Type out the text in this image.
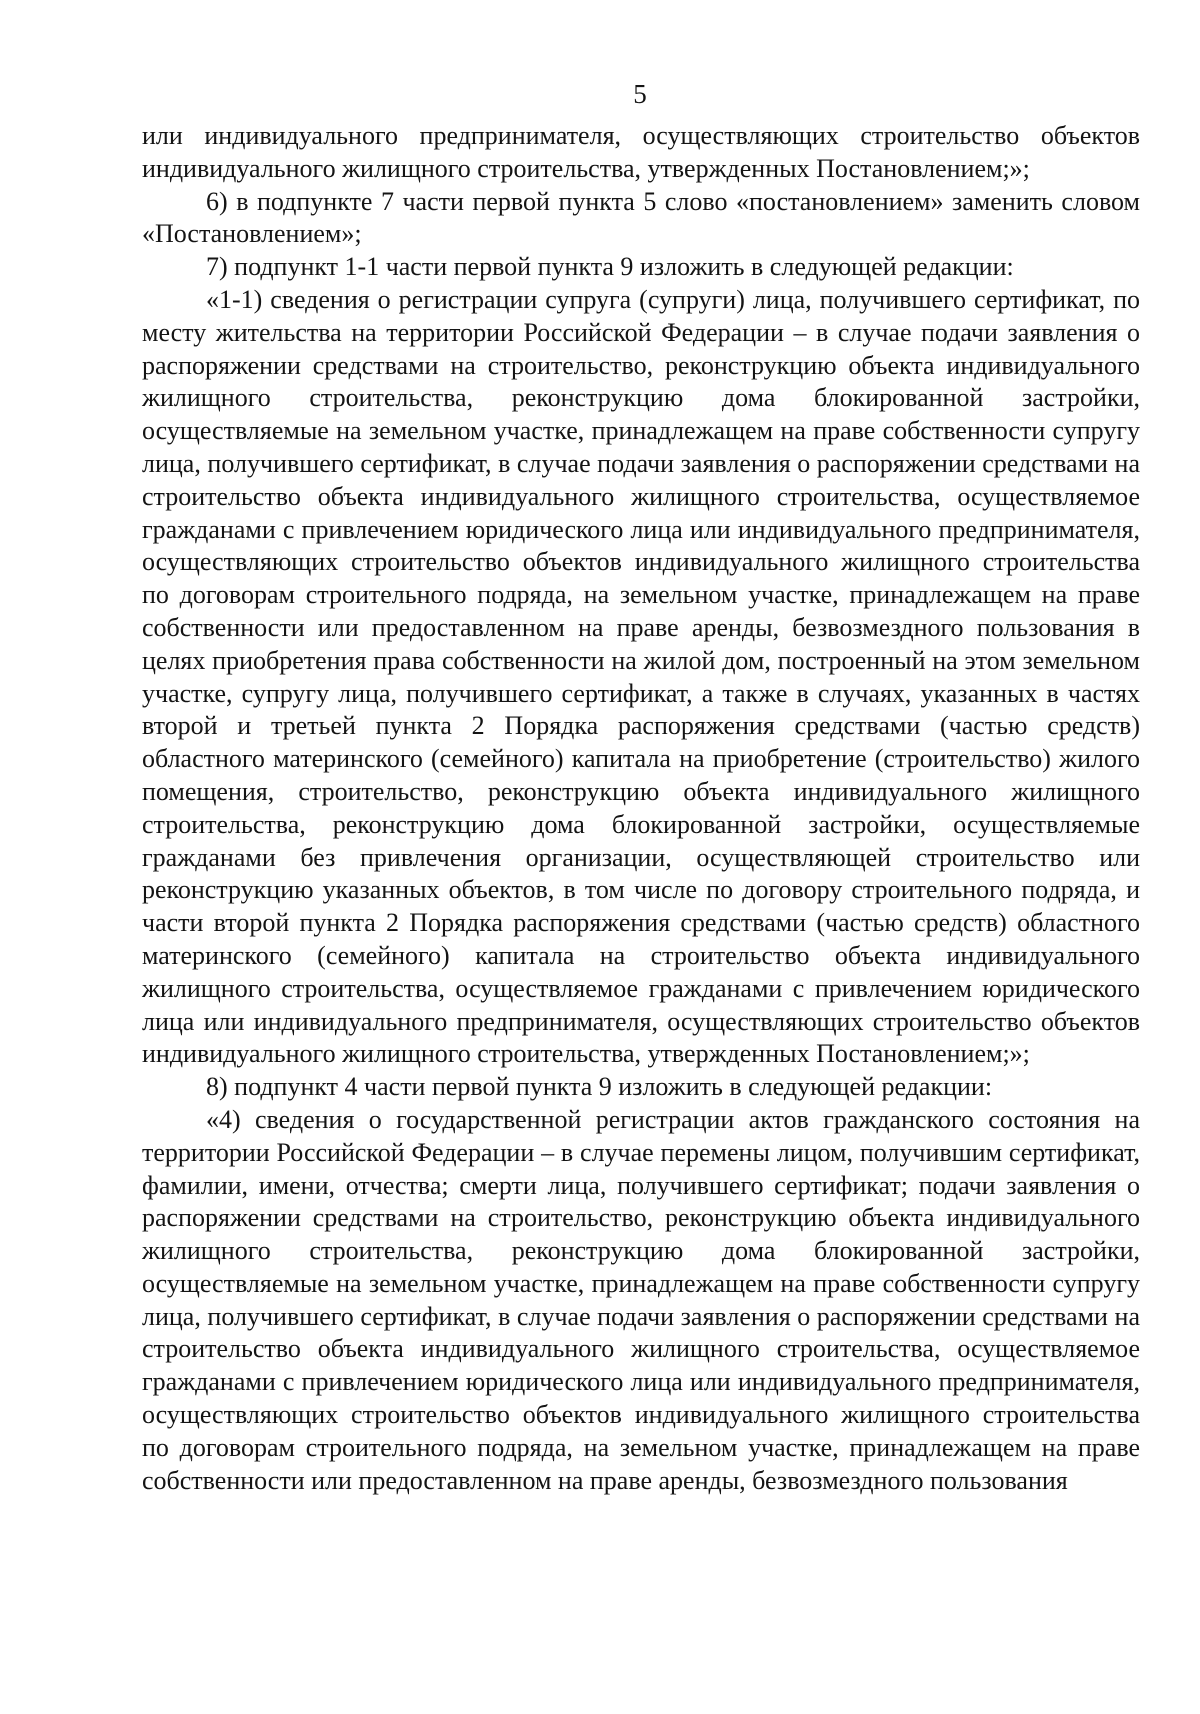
5

или индивидуального предпринимателя, осуществляющих строительство объектов индивидуального жилищного строительства, утвержденных Постановлением;»;

6) в подпункте 7 части первой пункта 5 слово «постановлением» заменить словом «Постановлением»;

7) подпункт 1-1 части первой пункта 9 изложить в следующей редакции:

«1-1) сведения о регистрации супруга (супруги) лица, получившего сертификат, по месту жительства на территории Российской Федерации – в случае подачи заявления о распоряжении средствами на строительство, реконструкцию объекта индивидуального жилищного строительства, реконструкцию дома блокированной застройки, осуществляемые на земельном участке, принадлежащем на праве собственности супругу лица, получившего сертификат, в случае подачи заявления о распоряжении средствами на строительство объекта индивидуального жилищного строительства, осуществляемое гражданами с привлечением юридического лица или индивидуального предпринимателя, осуществляющих строительство объектов индивидуального жилищного строительства по договорам строительного подряда, на земельном участке, принадлежащем на праве собственности или предоставленном на праве аренды, безвозмездного пользования в целях приобретения права собственности на жилой дом, построенный на этом земельном участке, супругу лица, получившего сертификат, а также в случаях, указанных в частях второй и третьей пункта 2 Порядка распоряжения средствами (частью средств) областного материнского (семейного) капитала на приобретение (строительство) жилого помещения, строительство, реконструкцию объекта индивидуального жилищного строительства, реконструкцию дома блокированной застройки, осуществляемые гражданами без привлечения организации, осуществляющей строительство или реконструкцию указанных объектов, в том числе по договору строительного подряда, и части второй пункта 2 Порядка распоряжения средствами (частью средств) областного материнского (семейного) капитала на строительство объекта индивидуального жилищного строительства, осуществляемое гражданами с привлечением юридического лица или индивидуального предпринимателя, осуществляющих строительство объектов индивидуального жилищного строительства, утвержденных Постановлением;»;

8) подпункт 4 части первой пункта 9 изложить в следующей редакции:

«4) сведения о государственной регистрации актов гражданского состояния на территории Российской Федерации – в случае перемены лицом, получившим сертификат, фамилии, имени, отчества; смерти лица, получившего сертификат; подачи заявления о распоряжении средствами на строительство, реконструкцию объекта индивидуального жилищного строительства, реконструкцию дома блокированной застройки, осуществляемые на земельном участке, принадлежащем на праве собственности супругу лица, получившего сертификат, в случае подачи заявления о распоряжении средствами на строительство объекта индивидуального жилищного строительства, осуществляемое гражданами с привлечением юридического лица или индивидуального предпринимателя, осуществляющих строительство объектов индивидуального жилищного строительства по договорам строительного подряда, на земельном участке, принадлежащем на праве собственности или предоставленном на праве аренды, безвозмездного пользования
